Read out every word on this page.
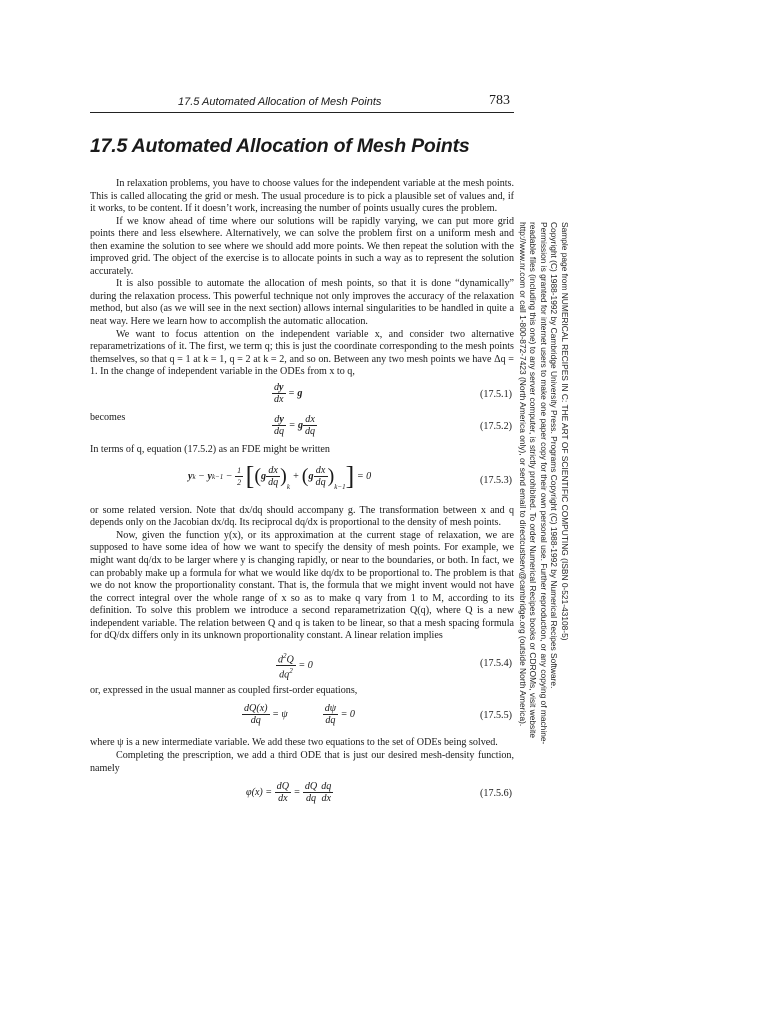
17.5 Automated Allocation of Mesh Points	783
17.5 Automated Allocation of Mesh Points

In relaxation problems, you have to choose values for the independent variable at the mesh points. This is called allocating the grid or mesh. The usual procedure is to pick a plausible set of values and, if it works, to be content. If it doesn’t work, increasing the number of points usually cures the problem.

If we know ahead of time where our solutions will be rapidly varying, we can put more grid points there and less elsewhere. Alternatively, we can solve the problem first on a uniform mesh and then examine the solution to see where we should add more points. We then repeat the solution with the improved grid. The object of the exercise is to allocate points in such a way as to represent the solution accurately.

It is also possible to automate the allocation of mesh points, so that it is done “dynamically” during the relaxation process. This powerful technique not only improves the accuracy of the relaxation method, but also (as we will see in the next section) allows internal singularities to be handled in quite a neat way. Here we learn how to accomplish the automatic allocation.

We want to focus attention on the independent variable x, and consider two alternative reparametrizations of it. The first, we term q; this is just the coordinate corresponding to the mesh points themselves, so that q = 1 at k = 1, q = 2 at k = 2, and so on. Between any two mesh points we have Δq = 1. In the change of independent variable in the ODEs from x to q,

$\frac{dy}{dx} = g$	(17.5.1)

becomes	$\frac{dy}{dq} = g \frac{dx}{dq}$	(17.5.2)

In terms of q, equation (17.5.2) as an FDE might be written

yk − $yk-1 - \frac{1}{2} [(g \frac{dx}{dq} )_k + (g \frac{dx}{dq} )_{k-1}] = 0$	(17.5.3)

or some related version. Note that dx/dq should accompany g. The transformation between x and q depends only on the Jacobian dx/dq. Its reciprocal dq/dx is proportional to the density of mesh points.

Now, given the function y(x), or its approximation at the current stage of relaxation, we are supposed to have some idea of how we want to specify the density of mesh points. For example, we might want dq/dx to be larger where y is changing rapidly, or near to the boundaries, or both. In fact, we can probably make up a formula for what we would like dq/dx to be proportional to. The problem is that we do not know the proportionality constant. That is, the formula that we might invent would not have the correct integral over the whole range of x so as to make q vary from 1 to M, according to its definition. To solve this problem we introduce a second reparametrization Q(q), where Q is a new independent variable. The relation between Q and q is taken to be linear, so that a mesh spacing formula for dQ/dx differs only in its unknown proportionality constant. A linear relation implies

$\frac{d^2Q}{dq^2} = 0$	(17.5.4)

or, expressed in the usual manner as coupled first-order equations,

$\frac{dQ(x)}{dq} = \psi$	$\frac{d\psi}{dq} = 0$	(17.5.5)

where ψ is a new intermediate variable. We add these two equations to the set of ODEs being solved.

Completing the prescription, we add a third ODE that is just our desired mesh-density function, namely

$\varphi(x) = \frac{dQ}{dx} = \frac{dQ}{dq} \frac{dq}{dx}$	(17.5.6)
Sample page from NUMERICAL RECIPES IN C: THE ART OF SCIENTIFIC COMPUTING (ISBN 0-521-43108-5)
Copyright (C) 1988-1992 by Cambridge University Press. Programs Copyright (C) 1988-1992 by Numerical Recipes Software.
Permission is granted for internet users to make one paper copy for their own personal use. Further reproduction, or any copying of machine-
readable files (including this one) to any server computer, is strictly prohibited. To order Numerical Recipes books or CDROMs, visit website
http://www.nr.com or call 1-800-872-7423 (North America only), or send email to directcustserv@cambridge.org (outside North America).
